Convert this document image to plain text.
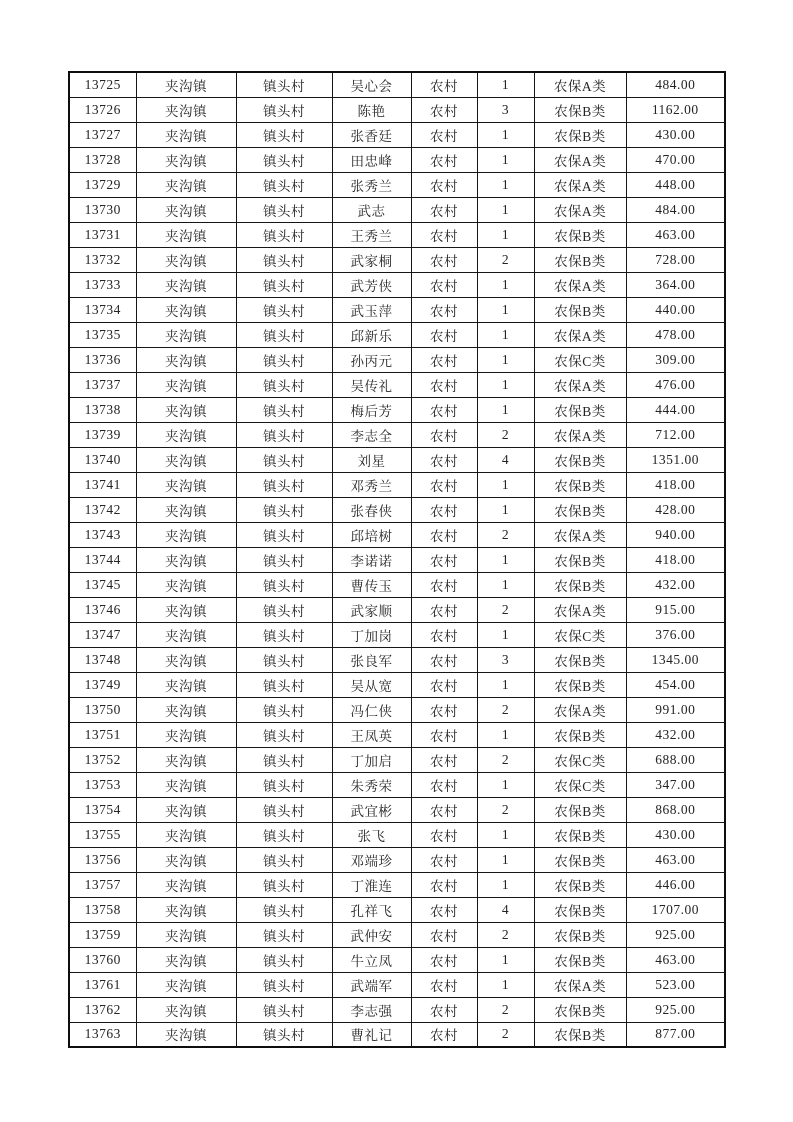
13725	夹沟镇	镇头村	吴心会	农村	1	农保A类	484.00
13726	夹沟镇	镇头村	陈艳	农村	3	农保B类	1162.00
13727	夹沟镇	镇头村	张香廷	农村	1	农保B类	430.00
13728	夹沟镇	镇头村	田忠峰	农村	1	农保A类	470.00
13729	夹沟镇	镇头村	张秀兰	农村	1	农保A类	448.00
13730	夹沟镇	镇头村	武志	农村	1	农保A类	484.00
13731	夹沟镇	镇头村	王秀兰	农村	1	农保B类	463.00
13732	夹沟镇	镇头村	武家桐	农村	2	农保B类	728.00
13733	夹沟镇	镇头村	武芳侠	农村	1	农保A类	364.00
13734	夹沟镇	镇头村	武玉萍	农村	1	农保B类	440.00
13735	夹沟镇	镇头村	邱新乐	农村	1	农保A类	478.00
13736	夹沟镇	镇头村	孙丙元	农村	1	农保C类	309.00
13737	夹沟镇	镇头村	吴传礼	农村	1	农保A类	476.00
13738	夹沟镇	镇头村	梅后芳	农村	1	农保B类	444.00
13739	夹沟镇	镇头村	李志全	农村	2	农保A类	712.00
13740	夹沟镇	镇头村	刘星	农村	4	农保B类	1351.00
13741	夹沟镇	镇头村	邓秀兰	农村	1	农保B类	418.00
13742	夹沟镇	镇头村	张春侠	农村	1	农保B类	428.00
13743	夹沟镇	镇头村	邱培树	农村	2	农保A类	940.00
13744	夹沟镇	镇头村	李诺诺	农村	1	农保B类	418.00
13745	夹沟镇	镇头村	曹传玉	农村	1	农保B类	432.00
13746	夹沟镇	镇头村	武家顺	农村	2	农保A类	915.00
13747	夹沟镇	镇头村	丁加岗	农村	1	农保C类	376.00
13748	夹沟镇	镇头村	张良军	农村	3	农保B类	1345.00
13749	夹沟镇	镇头村	吴从宽	农村	1	农保B类	454.00
13750	夹沟镇	镇头村	冯仁侠	农村	2	农保A类	991.00
13751	夹沟镇	镇头村	王凤英	农村	1	农保B类	432.00
13752	夹沟镇	镇头村	丁加启	农村	2	农保C类	688.00
13753	夹沟镇	镇头村	朱秀荣	农村	1	农保C类	347.00
13754	夹沟镇	镇头村	武宜彬	农村	2	农保B类	868.00
13755	夹沟镇	镇头村	张飞	农村	1	农保B类	430.00
13756	夹沟镇	镇头村	邓端珍	农村	1	农保B类	463.00
13757	夹沟镇	镇头村	丁淮连	农村	1	农保B类	446.00
13758	夹沟镇	镇头村	孔祥飞	农村	4	农保B类	1707.00
13759	夹沟镇	镇头村	武仲安	农村	2	农保B类	925.00
13760	夹沟镇	镇头村	牛立凤	农村	1	农保B类	463.00
13761	夹沟镇	镇头村	武端军	农村	1	农保A类	523.00
13762	夹沟镇	镇头村	李志强	农村	2	农保B类	925.00
13763	夹沟镇	镇头村	曹礼记	农村	2	农保B类	877.00
